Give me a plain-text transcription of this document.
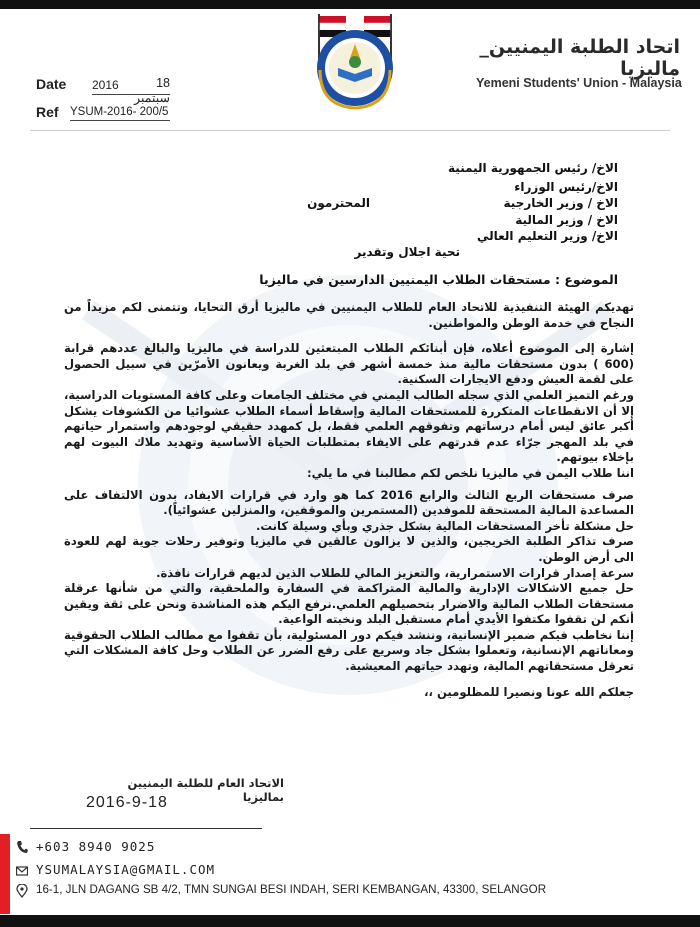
اتحاد الطلبة اليمنيين_ ماليزيا
Yemeni Students' Union - Malaysia
Date 2016	18 سبتمبر
Ref YSUM-2016- 200/5
الاخ/ رئيس الجمهورية اليمنية
الاخ/رئيس الوزراء
الاخ / وزير الخارجية
الاخ / وزير المالية
الاخ/ وزير التعليم العالي
المحترمون
تحية اجلال وتقدير
الموضوع : مستحقات الطلاب اليمنيين الدارسين في ماليزيا
تهديكم الهيئة التنفيذية للاتحاد العام للطلاب اليمنيين في ماليزيا أرق التحايا، وتتمنى لكم مزيداً من النجاح في خدمة الوطن والمواطنين.
إشارة إلى الموضوع أعلاه، فإن أبنائكم الطلاب المبتعثين للدراسة في ماليزيا والبالغ عددهم قرابة (600 ) بدون مستحقات مالية منذ خمسة أشهر في بلد الغربة ويعانون الأمرّين في سبيل الحصول على لقمة العيش ودفع الايجارات السكنية.
ورغم التميز العلمي الذي سجله الطالب اليمني في مختلف الجامعات وعلى كافة المستويات الدراسية، إلا أن الانقطاعات المتكررة للمستحقات المالية وإسقاط أسماء الطلاب عشوائيا من الكشوفات يشكل أكبر عائق ليس أمام درساتهم وتفوقهم العلمي فقط، بل كمهدد حقيقي لوجودهم واستمرار حياتهم في بلد المهجر جرّاء عدم قدرتهم على الايفاء بمتطلبات الحياة الأساسية وتهديد ملاك البيوت لهم بإخلاء بيوتهم.
اننا طلاب اليمن في ماليزيا نلخص لكم مطالبنا في ما يلي:
صرف مستحقات الربع الثالث والرابع 2016 كما هو وارد في قرارات الايفاد، بدون الالتفاف على المساعدة المالية المستحقة للموفدين (المستمرين والموقفين، والمنزلين عشوائياً).
حل مشكلة تأخر المستحقات المالية بشكل جذري وبأي وسيلة كانت.
صرف تذاكر الطلبة الخريجين، والذين لا يزالون عالقين في ماليزيا وتوفير رحلات جوية لهم للعودة الى أرض الوطن.
سرعة إصدار قرارات الاستمرارية، والتعزيز المالي للطلاب الذين لديهم قرارات نافذة.
حل جميع الاشكالات الإدارية والمالية المتراكمة في السفارة والملحقية، والتي من شأنها عرقلة مستحقات الطلاب المالية والاضرار بتحصيلهم العلمي.نرفع اليكم هذه المناشدة ونحن على ثقة ويقين أنكم لن تقفوا مكتفوا الأيدي أمام مستقبل البلد ونخبته الواعية.
إننا نخاطب فيكم ضمير الإنسانية، وننشد فيكم دور المسئولية، بأن تقفوا مع مطالب الطلاب الحقوقية ومعاناتهم الإنسانية، وتعملوا بشكل جاد وسريع على رفع الضرر عن الطلاب وحل كافة المشكلات التي تعرقل مستحقاتهم المالية، وتهدد حياتهم المعيشية.
جعلكم الله عونا ونصيرا للمظلومين ،،
الاتحاد العام للطلبة اليمنيين بماليزيا
2016-9-18
+603 8940 9025
YSUMALAYSIA@GMAIL.COM
16-1, JLN DAGANG SB 4/2, TMN SUNGAI BESI INDAH, SERI KEMBANGAN, 43300, SELANGOR
